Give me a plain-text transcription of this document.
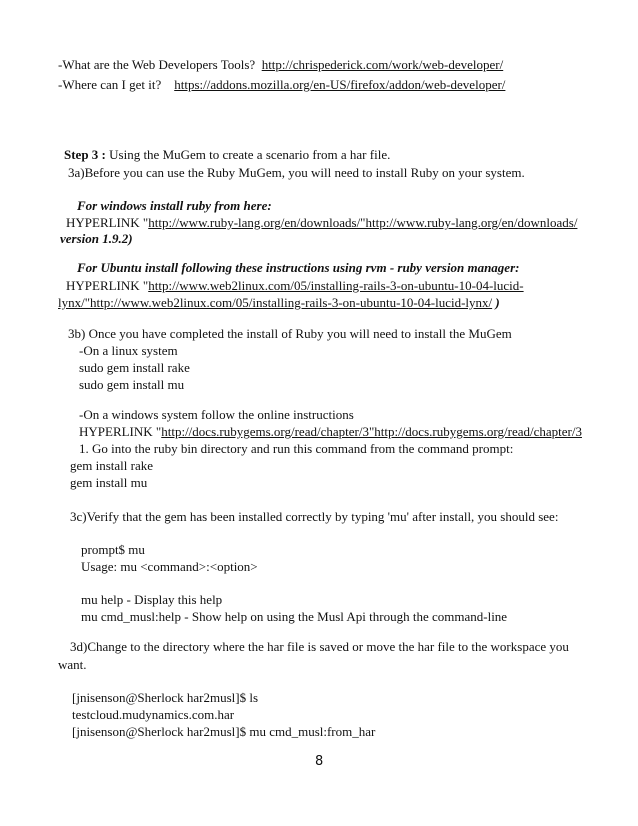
-What are the Web Developers Tools? http://chrispederick.com/work/web-developer/
-Where can I get it? https://addons.mozilla.org/en-US/firefox/addon/web-developer/
Step 3 : Using the MuGem to create a scenario from a har file.
3a)Before you can use the Ruby MuGem, you will need to install Ruby on your system.
For windows install ruby from here:
HYPERLINK "http://www.ruby-lang.org/en/downloads/"http://www.ruby-lang.org/en/downloads/
version 1.9.2)
For Ubuntu install following these instructions using rvm - ruby version manager:
HYPERLINK "http://www.web2linux.com/05/installing-rails-3-on-ubuntu-10-04-lucid-
lynx/"http://www.web2linux.com/05/installing-rails-3-on-ubuntu-10-04-lucid-lynx/ )
3b) Once you have completed the install of Ruby you will need to install the MuGem
-On a linux system
sudo gem install rake
sudo gem install mu
-On a windows system follow the online instructions
HYPERLINK "http://docs.rubygems.org/read/chapter/3"http://docs.rubygems.org/read/chapter/3
1. Go into the ruby bin directory and run this command from the command prompt:
gem install rake
gem install mu
3c)Verify that the gem has been installed correctly by typing 'mu' after install, you should see:
prompt$ mu
Usage: mu <command>:<option>
mu help - Display this help
mu cmd_musl:help - Show help on using the Musl Api through the command-line
3d)Change to the directory where the har file is saved or move the har file to the workspace you
want.
[jnisenson@Sherlock har2musl]$ ls
testcloud.mudynamics.com.har
[jnisenson@Sherlock har2musl]$ mu cmd_musl:from_har
8
